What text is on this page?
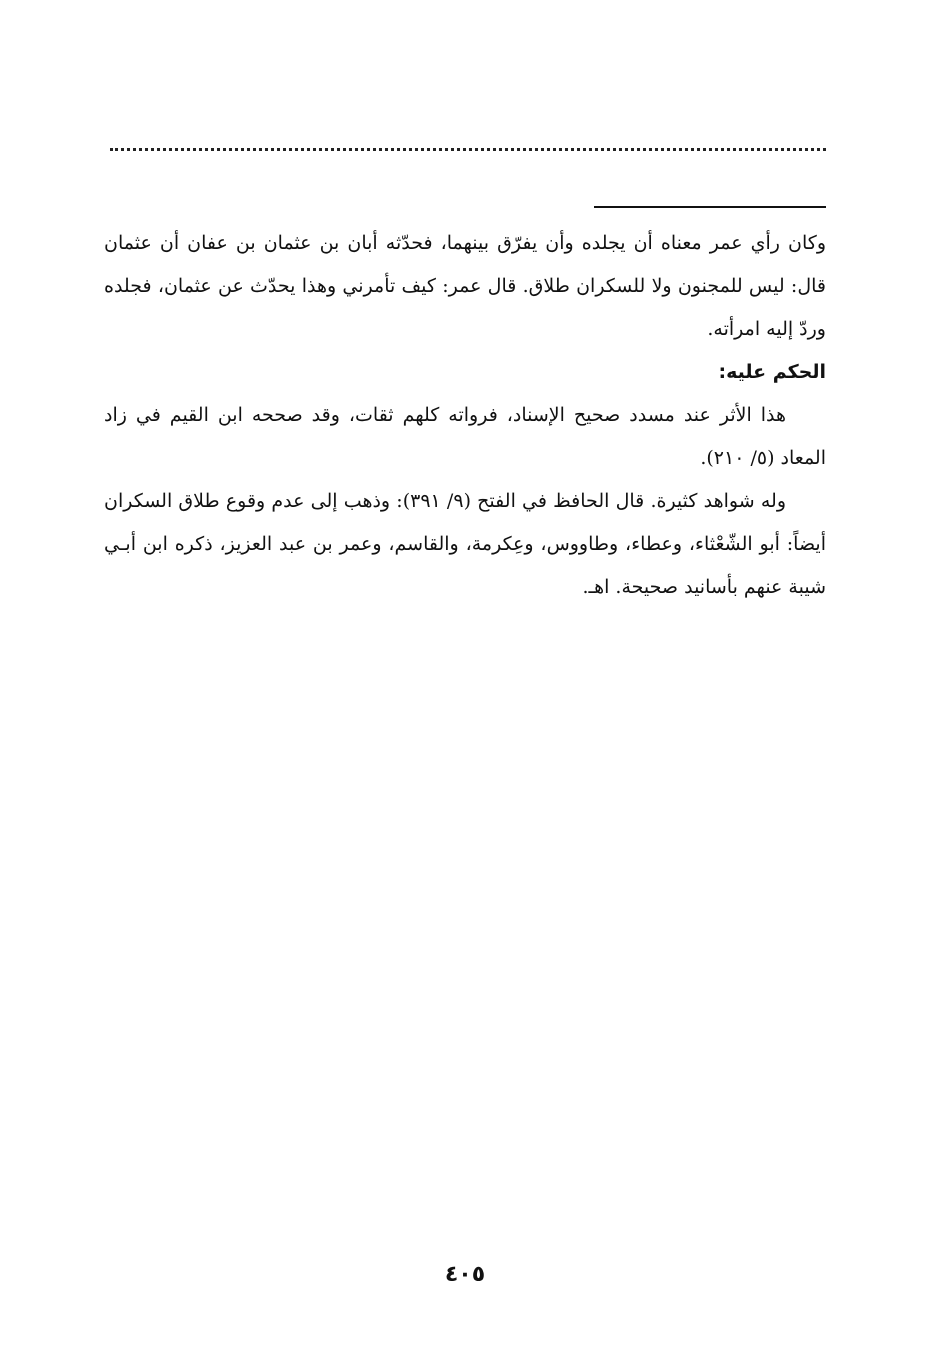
وكان رأي عمر معناه أن يجلده وأن يفرّق بينهما، فحدّثه أبان بن عثمان بن عفان أن عثمان قال: ليس للمجنون ولا للسكران طلاق. قال عمر: كيف تأمرني وهذا يحدّث عن عثمان، فجلده وردّ إليه امرأته.

الحكم عليه:

هذا الأثر عند مسدد صحيح الإسناد، فرواته كلهم ثقات، وقد صححه ابن القيم في زاد المعاد (٥/ ٢١٠).

وله شواهد كثيرة. قال الحافظ في الفتح (٩/ ٣٩١): وذهب إلى عدم وقوع طلاق السكران أيضاً: أبو الشّعْثاء، وعطاء، وطاووس، وعِكرمة، والقاسم، وعمر بن عبد العزيز، ذكره ابن أبـي شيبة عنهم بأسانيد صحيحة. اهـ.

٤٠٥
